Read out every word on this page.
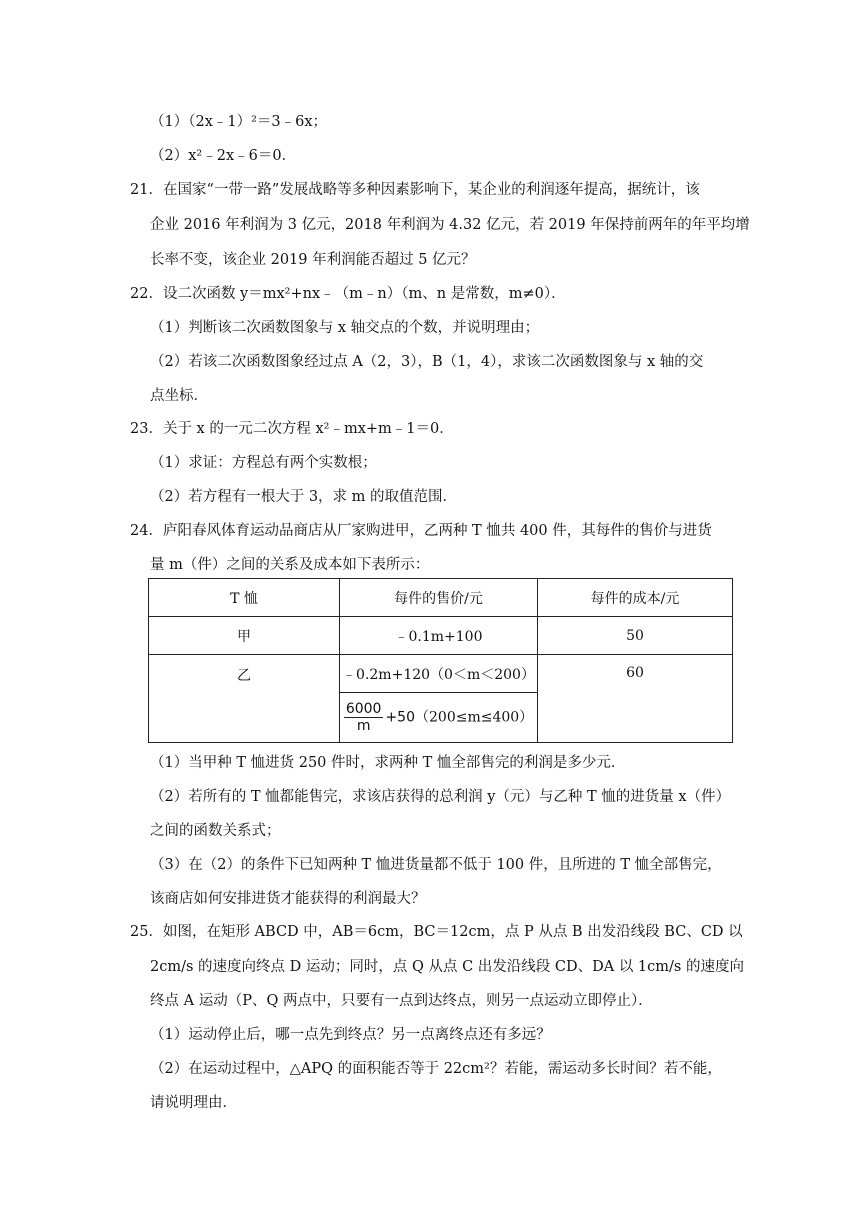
（1）（2x﹣1）²＝3﹣6x；
（2）x²﹣2x﹣6＝0．
21．在国家“一带一路”发展战略等多种因素影响下，某企业的利润逐年提高，据统计，该
企业 2016 年利润为 3 亿元，2018 年利润为 4.32 亿元，若 2019 年保持前两年的年平均增
长率不变，该企业 2019 年利润能否超过 5 亿元？
22．设二次函数 y＝mx²+nx﹣（m﹣n）（m、n 是常数，m≠0）．
（1）判断该二次函数图象与 x 轴交点的个数，并说明理由；
（2）若该二次函数图象经过点 A（2，3），B（1，4），求该二次函数图象与 x 轴的交
点坐标．
23．关于 x 的一元二次方程 x²﹣mx+m﹣1＝0．
（1）求证：方程总有两个实数根；
（2）若方程有一根大于 3，求 m 的取值范围．
24．庐阳春风体育运动品商店从厂家购进甲，乙两种 T 恤共 400 件，其每件的售价与进货
量 m（件）之间的关系及成本如下表所示：
T 恤	每件的售价/元	每件的成本/元
甲	﹣0.1m+100	50
乙	﹣0.2m+120（0＜m＜200）	60

	$\frac{6000}{m} +50(200\le m\le 400)$	
（1）当甲种 T 恤进货 250 件时，求两种 T 恤全部售完的利润是多少元．
（2）若所有的 T 恤都能售完，求该店获得的总利润 y（元）与乙种 T 恤的进货量 x（件）
之间的函数关系式；
（3）在（2）的条件下已知两种 T 恤进货量都不低于 100 件，且所进的 T 恤全部售完，
该商店如何安排进货才能获得的利润最大？
25．如图，在矩形 ABCD 中，AB＝6cm，BC＝12cm，点 P 从点 B 出发沿线段 BC、CD 以
2cm/s 的速度向终点 D 运动；同时，点 Q 从点 C 出发沿线段 CD、DA 以 1cm/s 的速度向
终点 A 运动（P、Q 两点中，只要有一点到达终点，则另一点运动立即停止）．
（1）运动停止后，哪一点先到终点？另一点离终点还有多远？
（2）在运动过程中，△APQ 的面积能否等于 22cm²？若能，需运动多长时间？若不能，
请说明理由．
